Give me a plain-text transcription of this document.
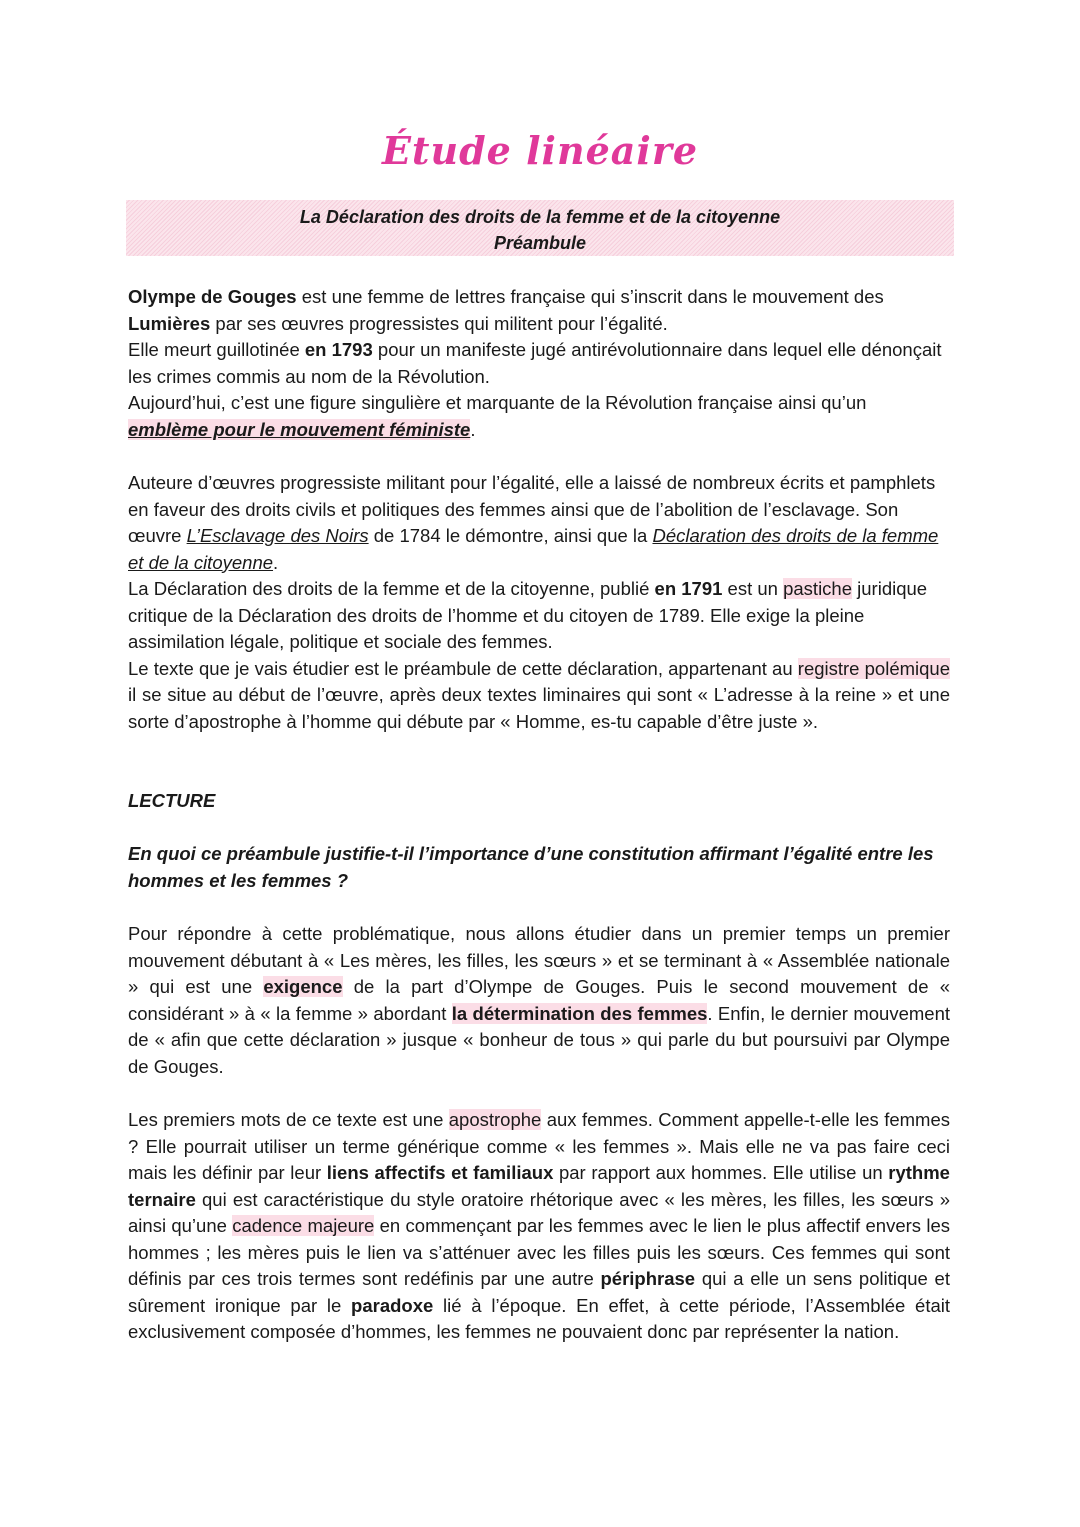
Étude linéaire
La Déclaration des droits de la femme et de la citoyenne
Préambule

Olympe de Gouges est une femme de lettres française qui s’inscrit dans le mouvement des Lumières par ses œuvres progressistes qui militent pour l’égalité.

Elle meurt guillotinée en 1793 pour un manifeste jugé antirévolutionnaire dans lequel elle dénonçait les crimes commis au nom de la Révolution.

Aujourd’hui, c’est une figure singulière et marquante de la Révolution française ainsi qu’un emblème pour le mouvement féministe.

Auteure d’œuvres progressiste militant pour l’égalité, elle a laissé de nombreux écrits et pamphlets en faveur des droits civils et politiques des femmes ainsi que de l’abolition de l’esclavage. Son œuvre L’Esclavage des Noirs de 1784 le démontre, ainsi que la Déclaration des droits de la femme et de la citoyenne.

La Déclaration des droits de la femme et de la citoyenne, publié en 1791 est un pastiche juridique critique de la Déclaration des droits de l’homme et du citoyen de 1789. Elle exige la pleine assimilation légale, politique et sociale des femmes.

Le texte que je vais étudier est le préambule de cette déclaration, appartenant au registre polémique il se situe au début de l’œuvre, après deux textes liminaires qui sont « L’adresse à la reine » et une sorte d’apostrophe à l’homme qui débute par « Homme, es-tu capable d’être juste ».

LECTURE
En quoi ce préambule justifie-t-il l’importance d’une constitution affirmant l’égalité entre les hommes et les femmes ?

Pour répondre à cette problématique, nous allons étudier dans un premier temps un premier mouvement débutant à « Les mères, les filles, les sœurs » et se terminant à « Assemblée nationale » qui est une exigence de la part d’Olympe de Gouges. Puis le second mouvement de « considérant » à « la femme » abordant la détermination des femmes. Enfin, le dernier mouvement de « afin que cette déclaration » jusque « bonheur de tous » qui parle du but poursuivi par Olympe de Gouges.

Les premiers mots de ce texte est une apostrophe aux femmes. Comment appelle-t-elle les femmes ? Elle pourrait utiliser un terme générique comme « les femmes ». Mais elle ne va pas faire ceci mais les définir par leur liens affectifs et familiaux par rapport aux hommes. Elle utilise un rythme ternaire qui est caractéristique du style oratoire rhétorique avec « les mères, les filles, les sœurs » ainsi qu’une cadence majeure en commençant par les femmes avec le lien le plus affectif envers les hommes ; les mères puis le lien va s’atténuer avec les filles puis les sœurs. Ces femmes qui sont définis par ces trois termes sont redéfinis par une autre périphrase qui a elle un sens politique et sûrement ironique par le paradoxe lié à l’époque. En effet, à cette période, l’Assemblée était exclusivement composée d’hommes, les femmes ne pouvaient donc par représenter la nation.
